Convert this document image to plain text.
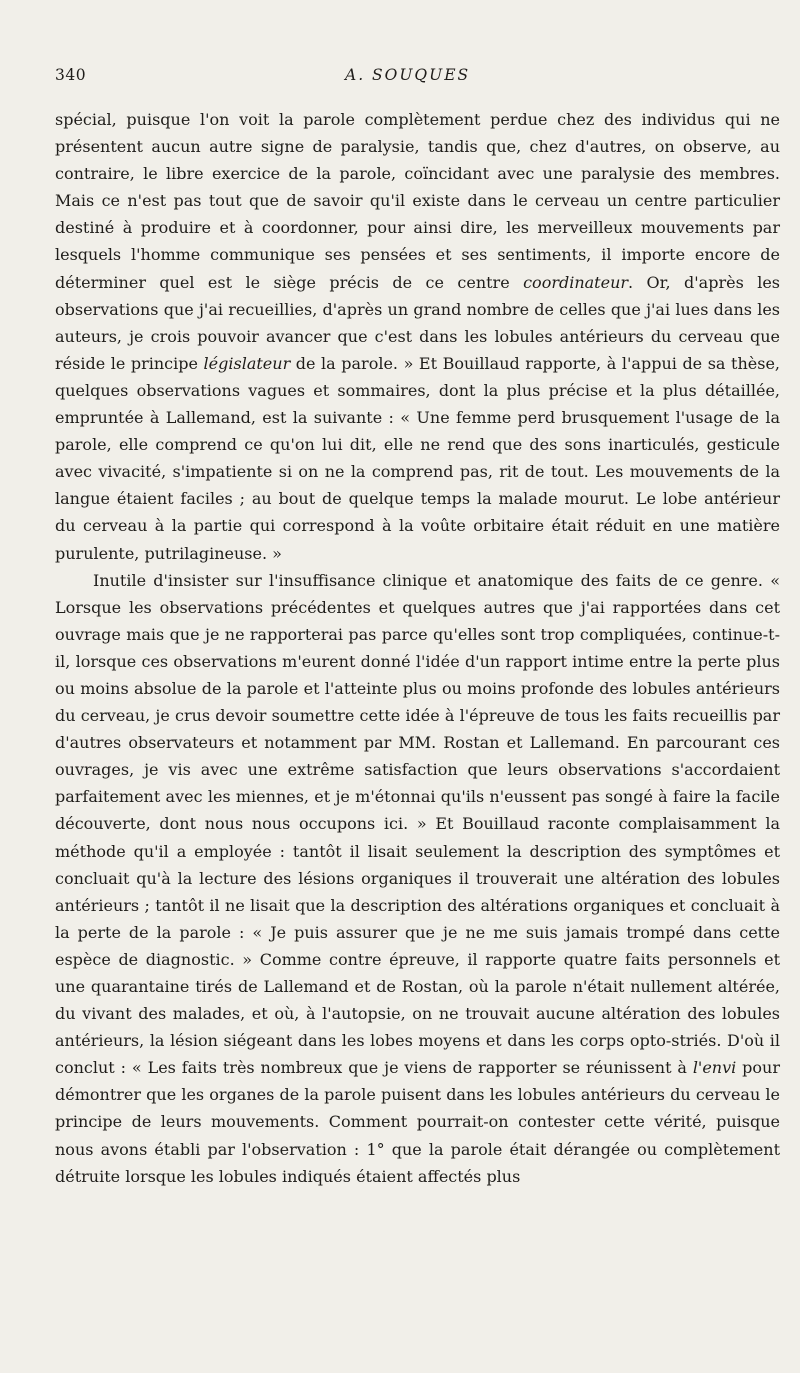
340	A. SOUQUES

spécial, puisque l'on voit la parole complètement perdue chez des individus qui ne présentent aucun autre signe de paralysie, tandis que, chez d'autres, on observe, au contraire, le libre exercice de la parole, coïncidant avec une paralysie des membres. Mais ce n'est pas tout que de savoir qu'il existe dans le cerveau un centre particulier destiné à produire et à coordonner, pour ainsi dire, les merveilleux mouvements par lesquels l'homme communique ses pensées et ses sentiments, il importe encore de déterminer quel est le siège précis de ce centre coordinateur. Or, d'après les observations que j'ai recueillies, d'après un grand nombre de celles que j'ai lues dans les auteurs, je crois pouvoir avancer que c'est dans les lobules antérieurs du cerveau que réside le principe législateur de la parole. » Et Bouillaud rapporte, à l'appui de sa thèse, quelques observations vagues et sommaires, dont la plus précise et la plus détaillée, empruntée à Lallemand, est la suivante : « Une femme perd brusquement l'usage de la parole, elle comprend ce qu'on lui dit, elle ne rend que des sons inarticulés, gesticule avec vivacité, s'impatiente si on ne la comprend pas, rit de tout. Les mouvements de la langue étaient faciles ; au bout de quelque temps la malade mourut. Le lobe antérieur du cerveau à la partie qui correspond à la voûte orbitaire était réduit en une matière purulente, putrilagineuse. »

Inutile d'insister sur l'insuffisance clinique et anatomique des faits de ce genre. « Lorsque les observations précédentes et quelques autres que j'ai rapportées dans cet ouvrage mais que je ne rapporterai pas parce qu'elles sont trop compliquées, continue-t-il, lorsque ces observations m'eurent donné l'idée d'un rapport intime entre la perte plus ou moins absolue de la parole et l'atteinte plus ou moins profonde des lobules antérieurs du cerveau, je crus devoir soumettre cette idée à l'épreuve de tous les faits recueillis par d'autres observateurs et notamment par MM. Rostan et Lallemand. En parcourant ces ouvrages, je vis avec une extrême satisfaction que leurs observations s'accordaient parfaitement avec les miennes, et je m'étonnai qu'ils n'eussent pas songé à faire la facile découverte, dont nous nous occupons ici. » Et Bouillaud raconte complaisamment la méthode qu'il a employée : tantôt il lisait seulement la description des symptômes et concluait qu'à la lecture des lésions organiques il trouverait une altération des lobules antérieurs ; tantôt il ne lisait que la description des altérations organiques et concluait à la perte de la parole : « Je puis assurer que je ne me suis jamais trompé dans cette espèce de diagnostic. » Comme contre épreuve, il rapporte quatre faits personnels et une quarantaine tirés de Lallemand et de Rostan, où la parole n'était nullement altérée, du vivant des malades, et où, à l'autopsie, on ne trouvait aucune altération des lobules antérieurs, la lésion siégeant dans les lobes moyens et dans les corps opto-striés. D'où il conclut : « Les faits très nombreux que je viens de rapporter se réunissent à l'envi pour démontrer que les organes de la parole puisent dans les lobules antérieurs du cerveau le principe de leurs mouvements. Comment pourrait-on contester cette vérité, puisque nous avons établi par l'observation : 1° que la parole était dérangée ou complètement détruite lorsque les lobules indiqués étaient affectés plus
